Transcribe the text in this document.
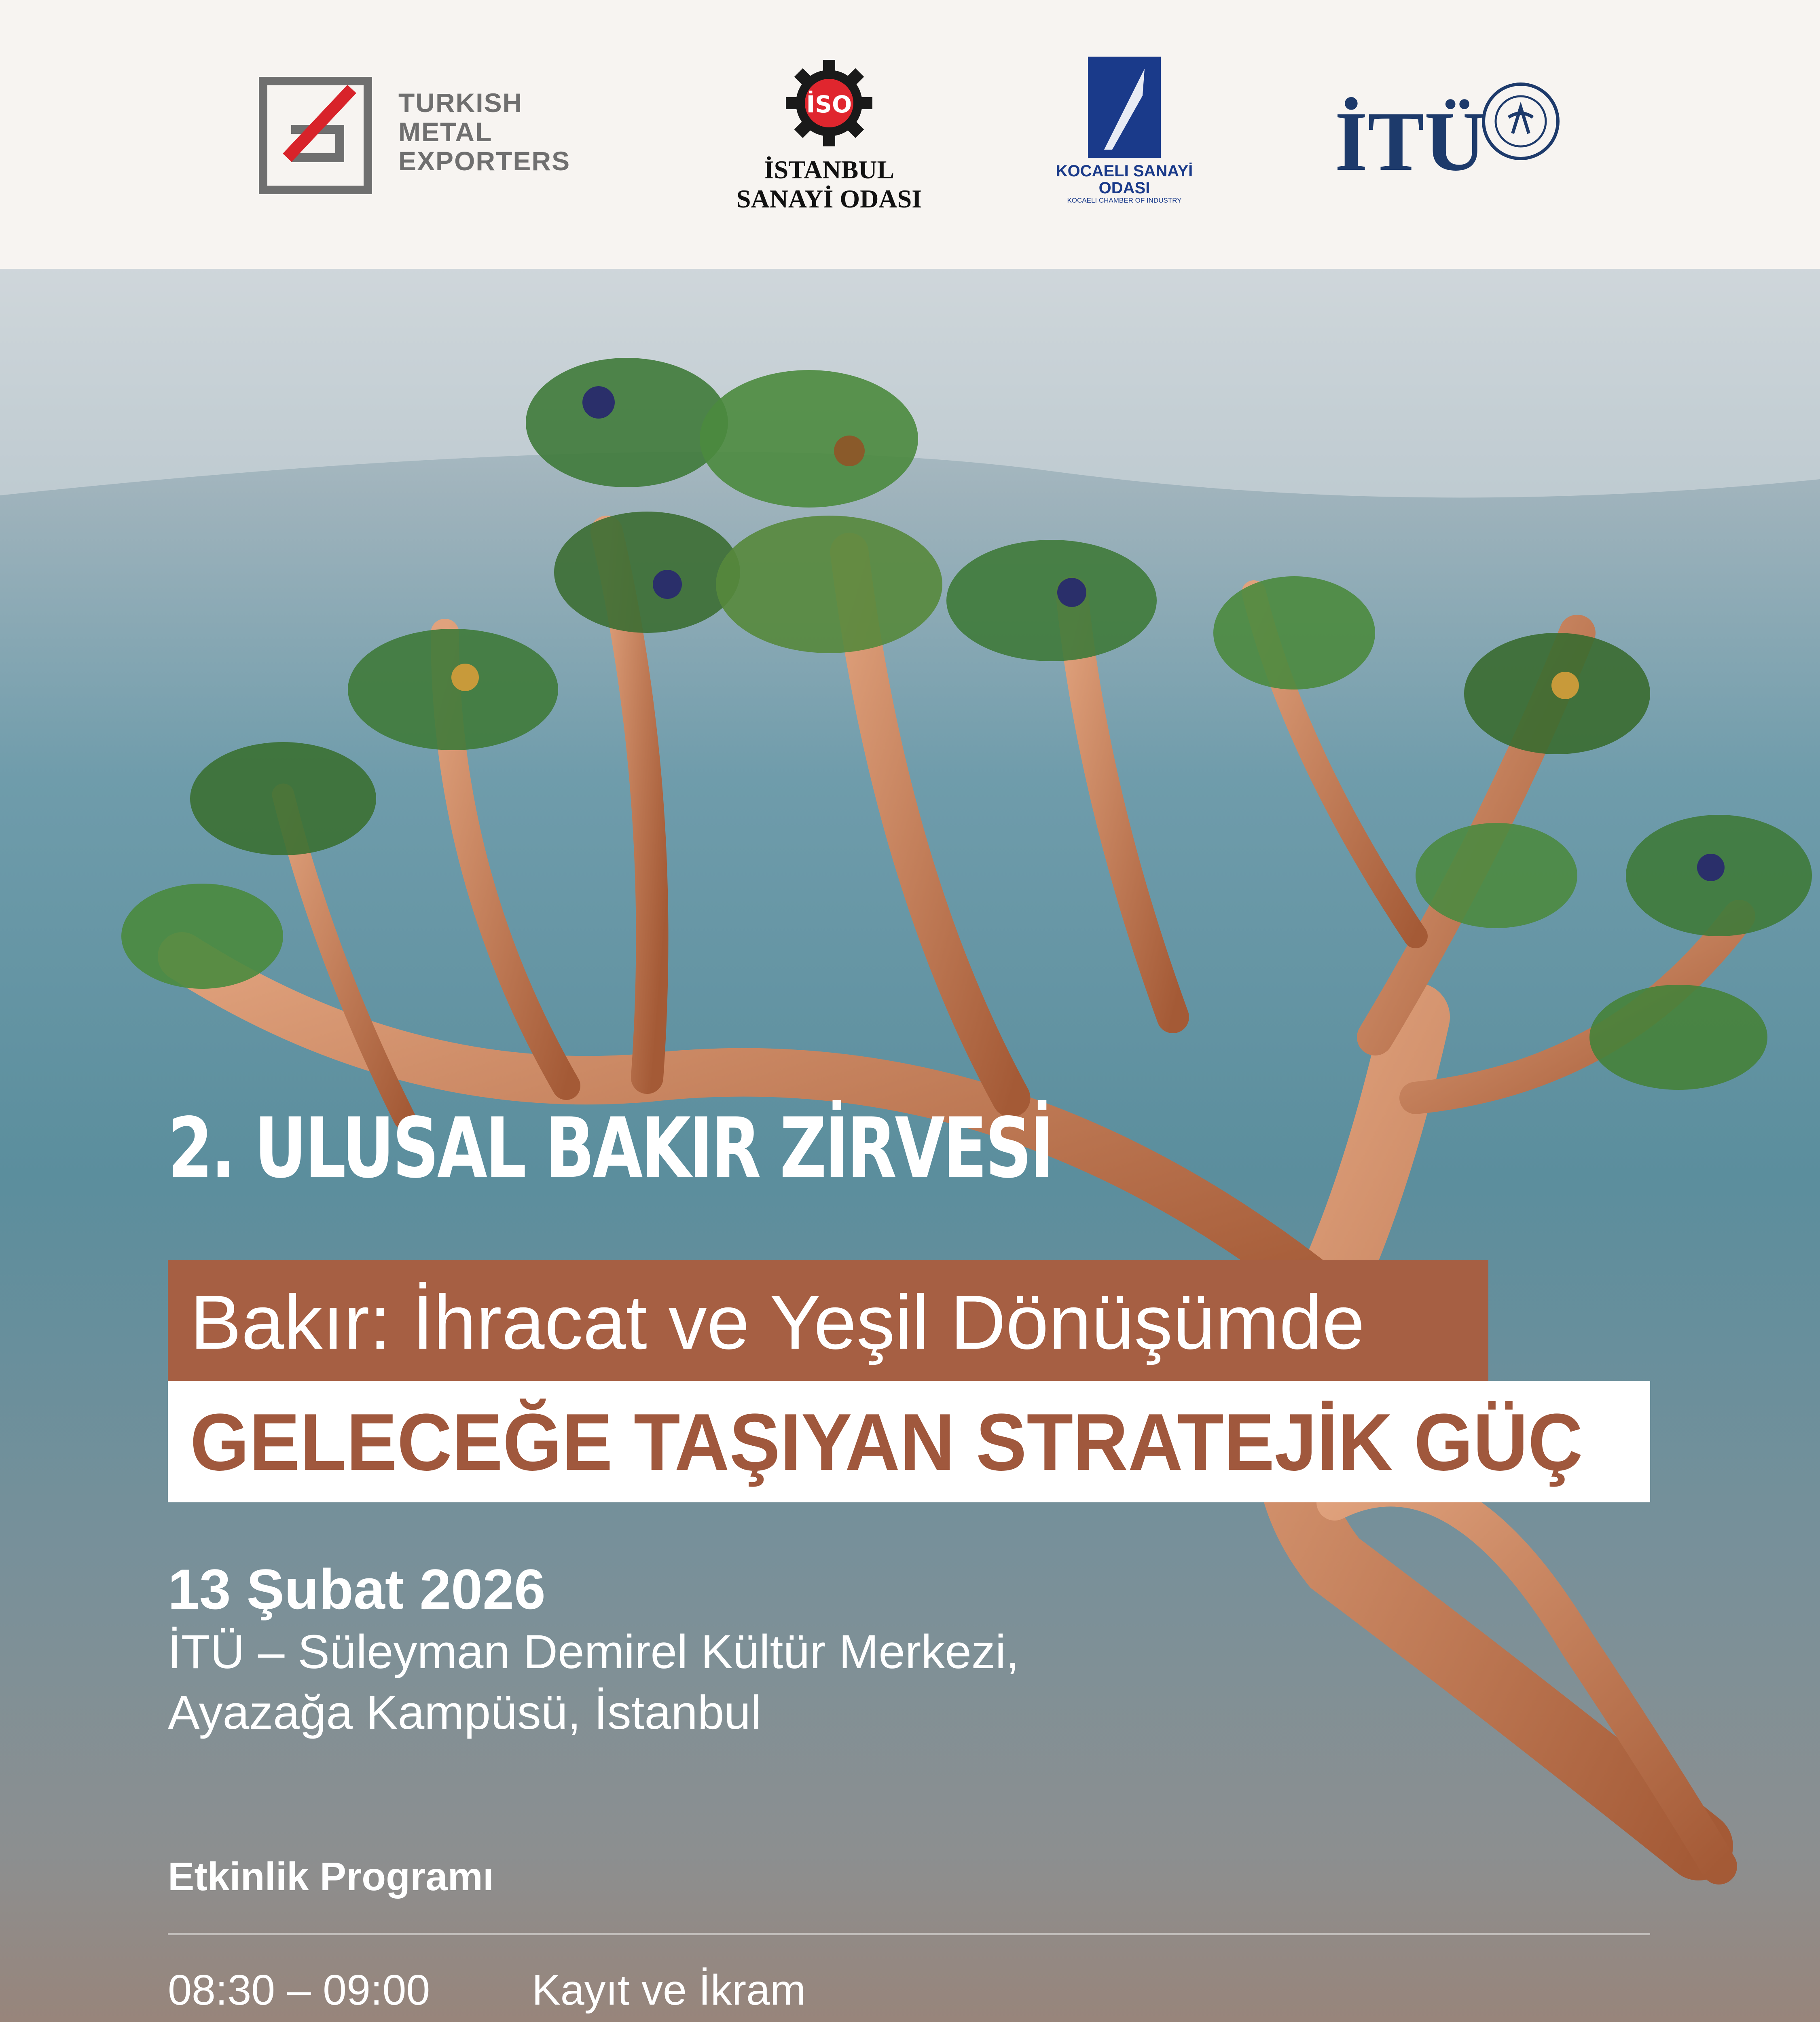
TURKISH
METAL
EXPORTERS
İSO
İSTANBUL
SANAYİ ODASI
KOCAELI SANAYİ ODASI
KOCAELI CHAMBER OF INDUSTRY
İTÜ
2. ULUSAL BAKIR ZİRVESİ
Bakır: İhracat ve Yeşil Dönüşümde
GELECEĞE TAŞIYAN STRATEJİK GÜÇ
13 Şubat 2026
İTÜ – Süleyman Demirel Kültür Merkezi,
Ayazağa Kampüsü, İstanbul
Etkinlik Programı
08:30 – 09:00 Kayıt ve İkram
